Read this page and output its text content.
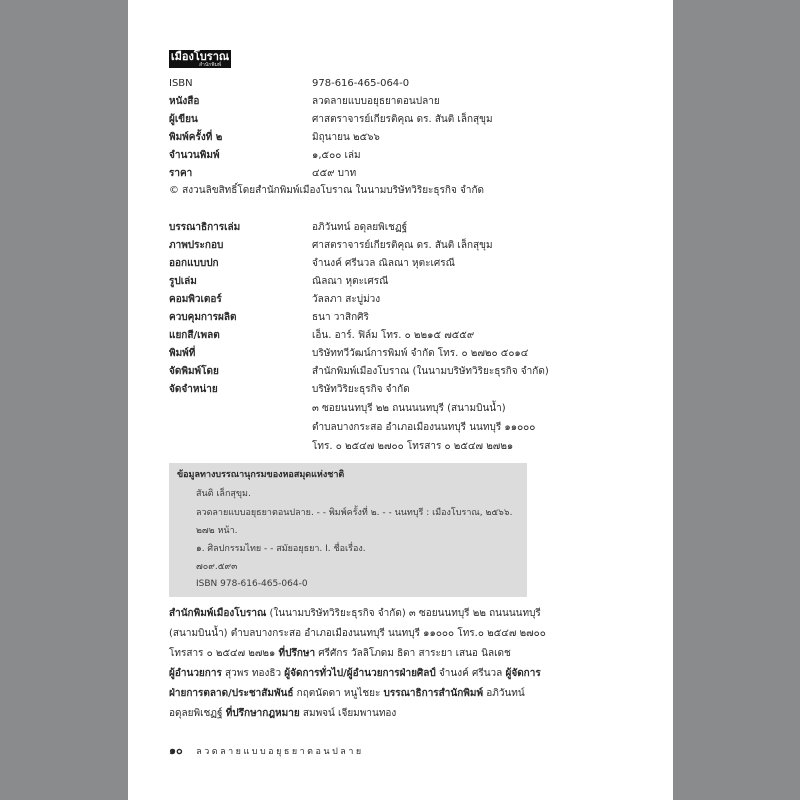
เมืองโบราณ
สำนักพิมพ์
ISBN	978-616-465-064-0
หนังสือ	ลวดลายแบบอยุธยาตอนปลาย
ผู้เขียน	ศาสตราจารย์เกียรติคุณ ดร. สันติ เล็กสุขุม
พิมพ์ครั้งที่ ๒	มิถุนายน ๒๕๖๖
จำนวนพิมพ์	๑,๕๐๐ เล่ม
ราคา	๔๕๙ บาท
© สงวนลิขสิทธิ์โดยสำนักพิมพ์เมืองโบราณ ในนามบริษัทวิริยะธุรกิจ จำกัด
บรรณาธิการเล่ม	อภิวันทน์ อดุลยพิเชฏฐ์
ภาพประกอบ	ศาสตราจารย์เกียรติคุณ ดร. สันติ เล็กสุขุม
ออกแบบปก	จำนงค์ ศรีนวล ณิลณา หุตะเศรณี
รูปเล่ม	ณิลณา หุตะเศรณี
คอมพิวเตอร์	วัลลภา สะบู่ม่วง
ควบคุมการผลิต	ธนา วาสิกศิริ
แยกสี/เพลต	เอ็น. อาร์. ฟิล์ม โทร. ๐ ๒๒๑๕ ๗๕๕๙
พิมพ์ที่	บริษัททวีวัฒน์การพิมพ์ จำกัด โทร. ๐ ๒๗๒๐ ๕๐๑๔
จัดพิมพ์โดย	สำนักพิมพ์เมืองโบราณ (ในนามบริษัทวิริยะธุรกิจ จำกัด)
จัดจำหน่าย	บริษัทวิริยะธุรกิจ จำกัด
๓ ซอยนนทบุรี ๒๒ ถนนนนทบุรี (สนามบินน้ำ)
ตำบลบางกระสอ อำเภอเมืองนนทบุรี นนทบุรี ๑๑๐๐๐
โทร. ๐ ๒๕๔๗ ๒๗๐๐ โทรสาร ๐ ๒๕๔๗ ๒๗๒๑
ข้อมูลทางบรรณานุกรมของหอสมุดแห่งชาติ
สันติ เล็กสุขุม.
ลวดลายแบบอยุธยาตอนปลาย. - - พิมพ์ครั้งที่ ๒. - - นนทบุรี : เมืองโบราณ, ๒๕๖๖.
๒๗๒ หน้า.
๑. ศิลปกรรมไทย - - สมัยอยุธยา. I. ชื่อเรื่อง.
๗๐๙.๕๙๓
ISBN 978-616-465-064-0
สำนักพิมพ์เมืองโบราณ (ในนามบริษัทวิริยะธุรกิจ จำกัด) ๓ ซอยนนทบุรี ๒๒ ถนนนนทบุรี
(สนามบินน้ำ) ตำบลบางกระสอ อำเภอเมืองนนทบุรี นนทบุรี ๑๑๐๐๐ โทร.๐ ๒๕๔๗ ๒๗๐๐
โทรสาร ๐ ๒๕๔๗ ๒๗๒๑ ที่ปรึกษา ศรีศักร วัลลิโภดม ธิดา สาระยา เสนอ นิลเดช
ผู้อำนวยการ สุวพร ทองธิว ผู้จัดการทั่วไป/ผู้อำนวยการฝ่ายศิลป์ จำนงค์ ศรีนวล ผู้จัดการ
ฝ่ายการตลาด/ประชาสัมพันธ์ กฤตนัดดา หนูไชยะ บรรณาธิการสำนักพิมพ์ อภิวันทน์
อดุลยพิเชฏฐ์ ที่ปรึกษากฎหมาย สมพจน์ เจียมพานทอง
๑๐ ลวดลายแบบอยุธยาตอนปลาย
